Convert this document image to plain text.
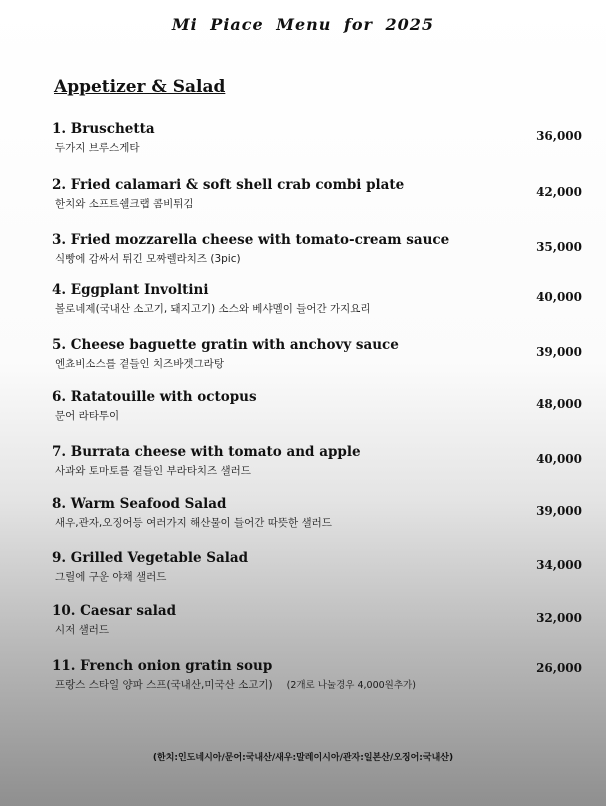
Mi Piace Menu for 2025
Appetizer & Salad
1. Bruschetta
두가지 브루스게타
36,000
2. Fried calamari & soft shell crab combi plate
한치와 소프트쉘크랩 콤비튀김
42,000
3. Fried mozzarella cheese with tomato-cream sauce
식빵에 감싸서 튀긴 모짜렐라치즈 (3pic)
35,000
4. Eggplant Involtini
볼로네제(국내산 소고기, 돼지고기) 소스와 베샤멜이 들어간 가지요리
40,000
5. Cheese baguette gratin with anchovy sauce
엔쵸비소스를 곁들인 치즈바겟그라탕
39,000
6. Ratatouille with octopus
문어 라타투이
48,000
7. Burrata cheese with tomato and apple
사과와 토마토를 곁들인 부라타치즈 샐러드
40,000
8. Warm Seafood Salad
새우,관자,오징어등 여러가지 해산물이 들어간 따뜻한 샐러드
39,000
9. Grilled Vegetable Salad
그릴에 구운 야채 샐러드
34,000
10. Caesar salad
시저 샐러드
32,000
11. French onion gratin soup
프랑스 스타일 양파 스프(국내산,미국산 소고기) (2개로 나눌경우 4,000원추가)
26,000
(한치:인도네시아/문어:국내산/새우:말레이시아/관자:일본산/오징어:국내산)
